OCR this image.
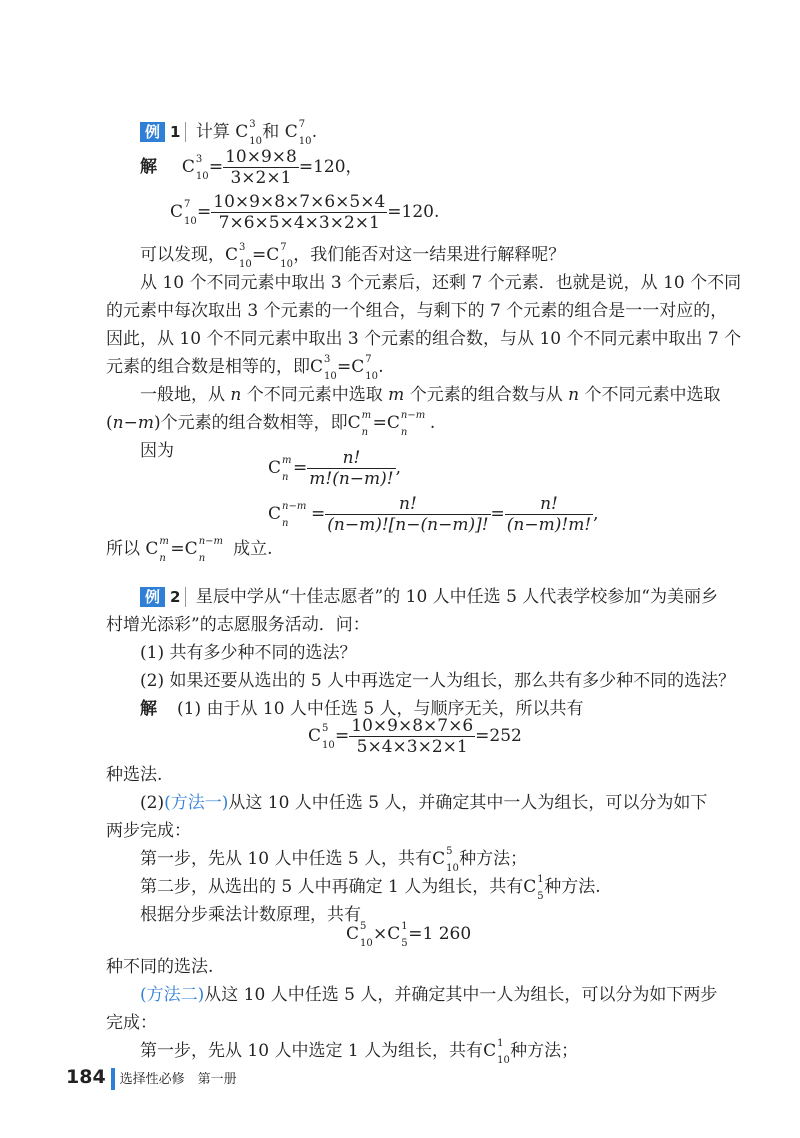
例 1 计算 C 3
10 和 C 7
10 .
解 C 3
$10 = \frac{10\times 9\times 8}{3\times 2\times 1} =120$，
C 7
$10 = \frac{10\times 9\times 8\times 7\times 6\times 5\times 4}{7\times 6\times 5\times 4\times 3\times 2\times 1} =120$.
可以发现，C 3
10 =C 7
10 ，我们能否对这一结果进行解释呢？
从 10 个不同元素中取出 3 个元素后，还剩 7 个元素．也就是说，从 10 个不同
的元素中每次取出 3 个元素的一个组合，与剩下的 7 个元素的组合是一一对应的，
因此，从 10 个不同元素中取出 3 个元素的组合数，与从 10 个不同元素中取出 7 个
元素的组合数是相等的，即C 3
10 =C 7
10 .
一般地，从 n 个不同元素中选取 m 个元素的组合数与从 n 个不同元素中选取
(n−m)个元素的组合数相等，即C m
n =C n−m
n .
因为
C m
$n = \frac{n!}{m!(n-m)!}$ ,
C n−m
$n = \frac{n!}{(n-m)![n-(n-m)]!} = \frac{n!}{(n-m)!m!}$ ,
所以 C m
n =C n−m
n 成立.
例 2 星辰中学从“十佳志愿者”的 10 人中任选 5 人代表学校参加“为美丽乡
村增光添彩”的志愿服务活动．问：
(1) 共有多少种不同的选法？
(2) 如果还要从选出的 5 人中再选定一人为组长，那么共有多少种不同的选法？
解 (1) 由于从 10 人中任选 5 人，与顺序无关，所以共有
C 5
$10 = \frac{10\times 9\times 8\times 7\times 6}{5\times 4\times 3\times 2\times 1} =252$
种选法.
(2)(方法一)从这 10 人中任选 5 人，并确定其中一人为组长，可以分为如下
两步完成：
第一步，先从 10 人中任选 5 人，共有C 5
10 种方法；
第二步，从选出的 5 人中再确定 1 人为组长，共有C 1
5 种方法.
根据分步乘法计数原理，共有
C 5
10 ×C 1
5 =1 260
种不同的选法.
(方法二)从这 10 人中任选 5 人，并确定其中一人为组长，可以分为如下两步
完成：
第一步，先从 10 人中选定 1 人为组长，共有C 1
10 种方法；
184 选择性必修　第一册
